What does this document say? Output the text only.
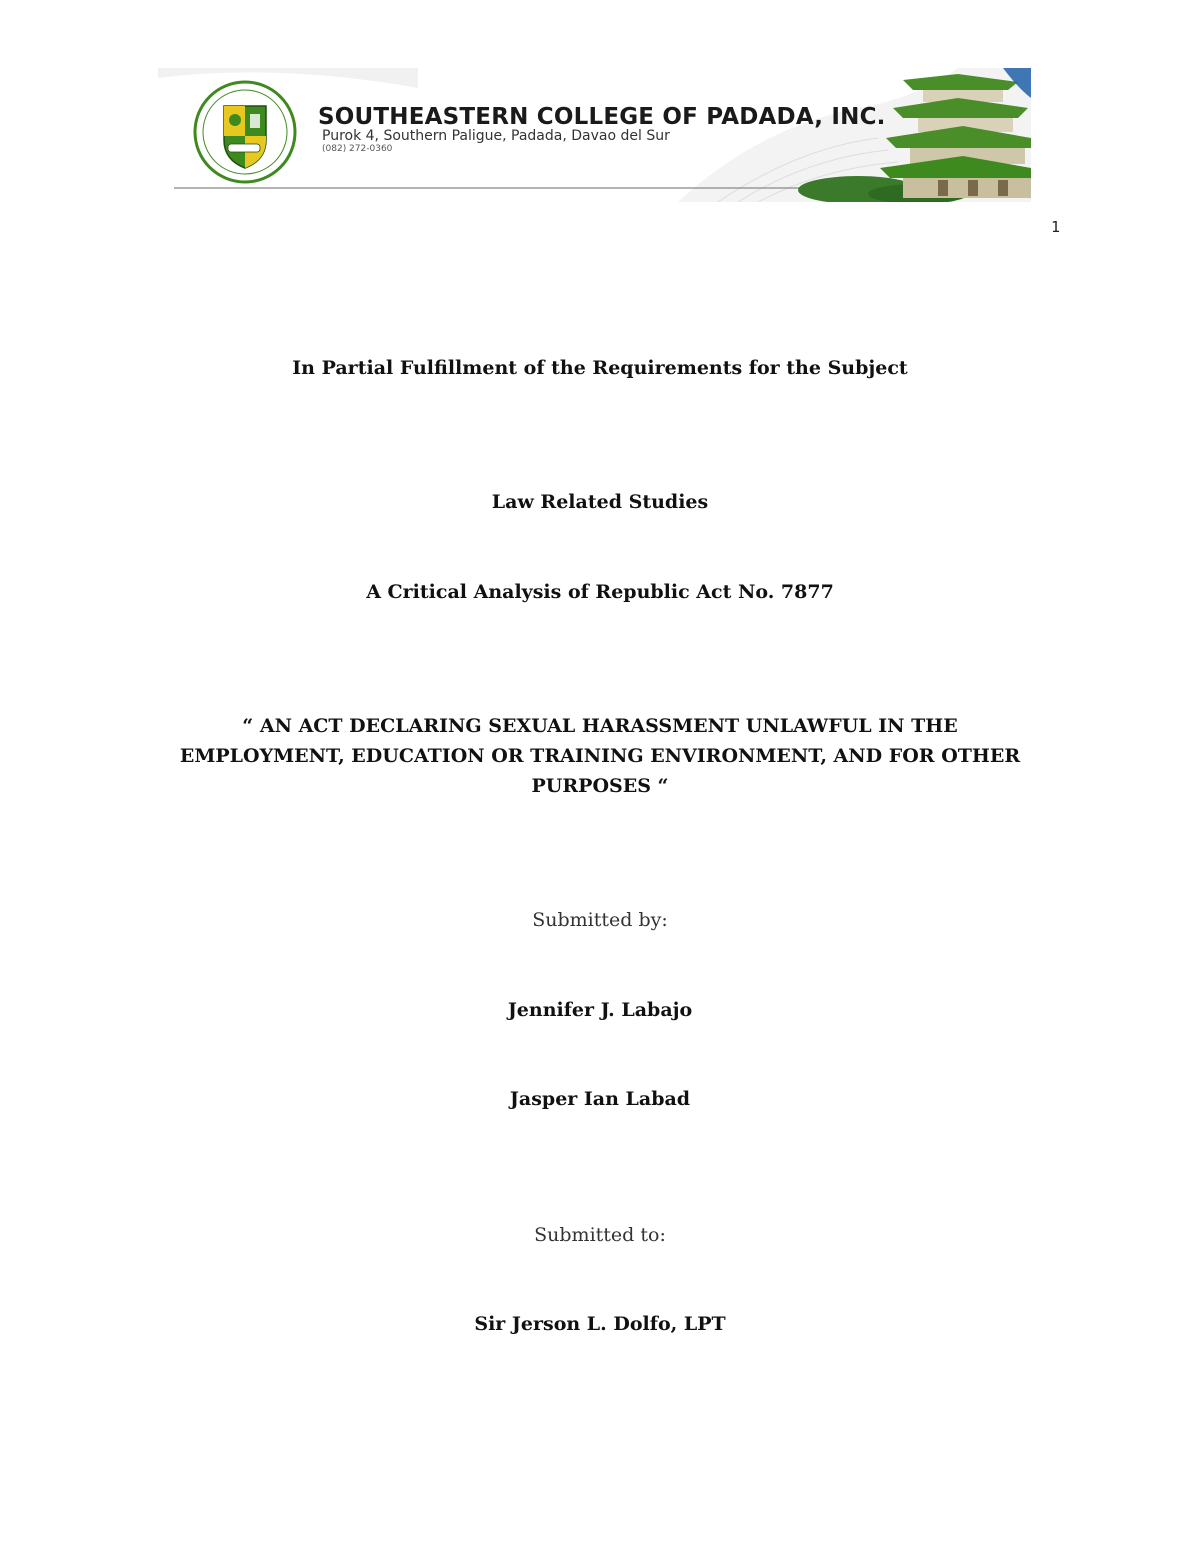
SOUTHEASTERN COLLEGE OF PADADA, INC.
Purok 4, Southern Paligue, Padada, Davao del Sur
(082) 272-0360
1
In Partial Fulfillment of the Requirements for the Subject
Law Related Studies
A Critical Analysis of Republic Act No. 7877
“ AN ACT DECLARING SEXUAL HARASSMENT UNLAWFUL IN THE
EMPLOYMENT, EDUCATION OR TRAINING ENVIRONMENT, AND FOR OTHER
PURPOSES “
Submitted by:
Jennifer J. Labajo
Jasper Ian Labad
Submitted to:
Sir Jerson L. Dolfo, LPT
